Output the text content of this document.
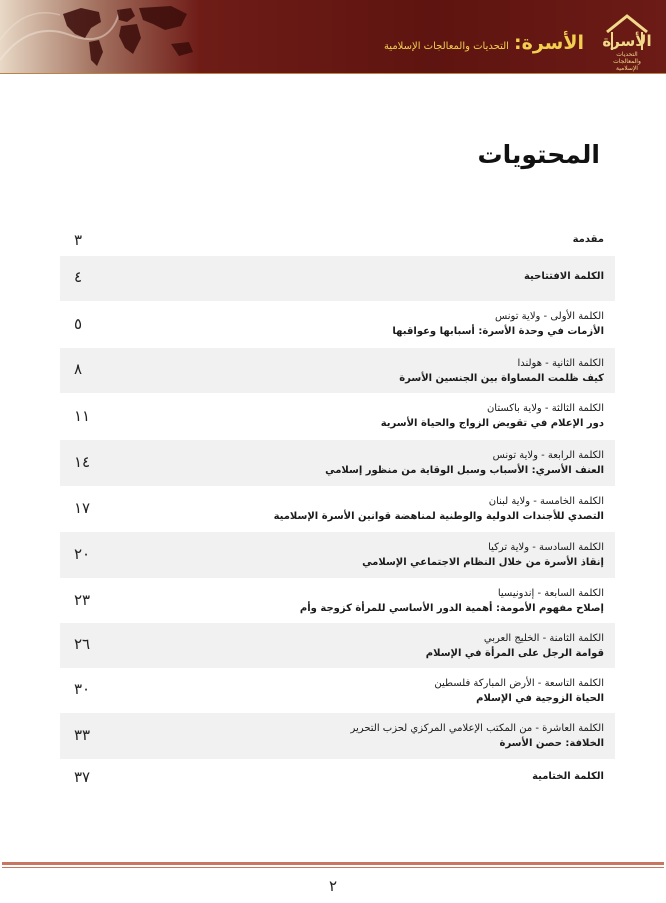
الأسرة
التحديات والمعالجات الإسلامية
الأسرة: التحديات والمعالجات الإسلامية
المحتويات
مقدمة
٣
الكلمة الافتتاحية
٤
الكلمة الأولى - ولاية تونس
الأزمات في وحدة الأسرة: أسبابها وعواقبها
٥
الكلمة الثانية - هولندا
كيف ظلمت المساواة بين الجنسين الأسرة
٨
الكلمة الثالثة - ولاية باكستان
دور الإعلام في تقويض الزواج والحياة الأسرية
١١
الكلمة الرابعة - ولاية تونس
العنف الأسري: الأسباب وسبل الوقاية من منظور إسلامي
١٤
الكلمة الخامسة - ولاية لبنان
التصدي للأجندات الدولية والوطنية لمناهضة قوانين الأسرة الإسلامية
١٧
الكلمة السادسة - ولاية تركيا
إنقاذ الأسرة من خلال النظام الاجتماعي الإسلامي
٢٠
الكلمة السابعة - إندونيسيا
إصلاح مفهوم الأمومة: أهمية الدور الأساسي للمرأة كزوجة وأم
٢٣
الكلمة الثامنة - الخليج العربي
قوامة الرجل على المرأة في الإسلام
٢٦
الكلمة التاسعة - الأرض المباركة فلسطين
الحياة الزوجية في الإسلام
٣٠
الكلمة العاشرة - من المكتب الإعلامي المركزي لحزب التحرير
الخلافة: حصن الأسرة
٣٣
الكلمة الختامية
٣٧
٢
